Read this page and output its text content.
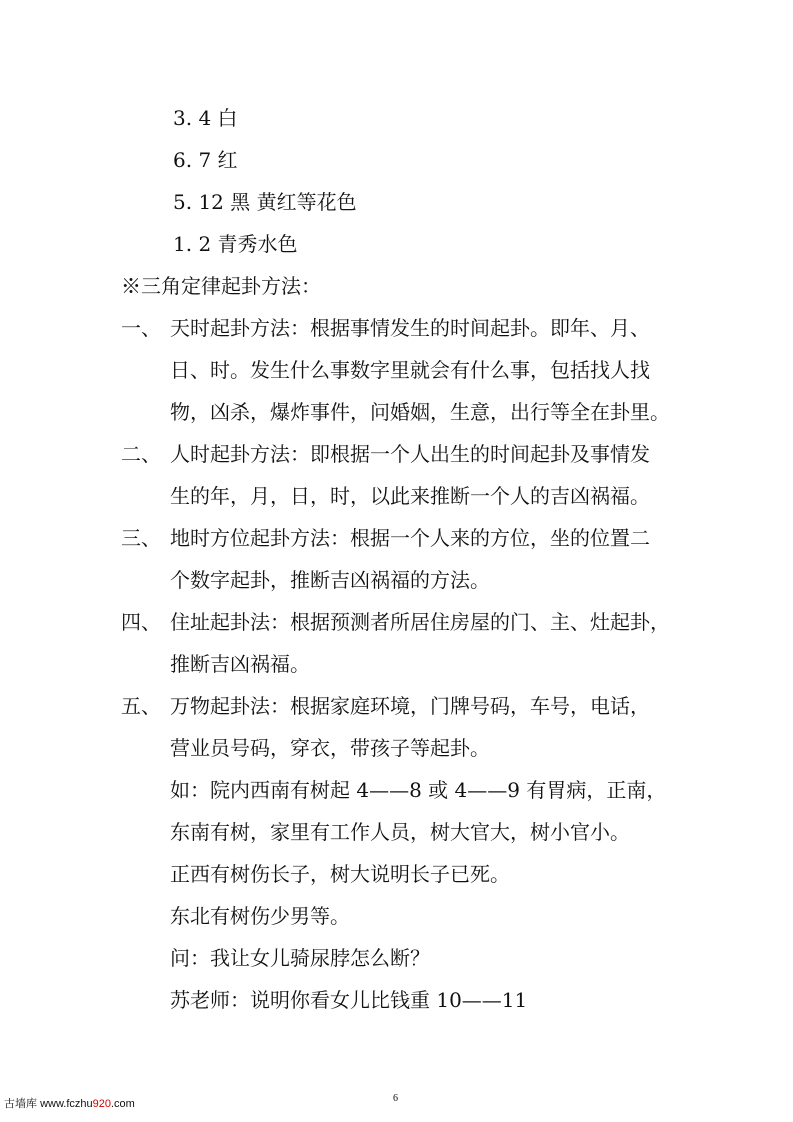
3. 4 白
6. 7 红
5. 12 黑 黄红等花色
1. 2 青秀水色
※三角定律起卦方法：
一、 天时起卦方法：根据事情发生的时间起卦。即年、月、
日、时。发生什么事数字里就会有什么事，包括找人找
物，凶杀，爆炸事件，问婚姻，生意，出行等全在卦里。
二、 人时起卦方法：即根据一个人出生的时间起卦及事情发
生的年，月，日，时，以此来推断一个人的吉凶祸福。
三、 地时方位起卦方法：根据一个人来的方位，坐的位置二
个数字起卦，推断吉凶祸福的方法。
四、 住址起卦法：根据预测者所居住房屋的门、主、灶起卦，
推断吉凶祸福。
五、 万物起卦法：根据家庭环境，门牌号码，车号，电话，
营业员号码，穿衣，带孩子等起卦。
如：院内西南有树起 4——8 或 4——9 有胃病，正南，
东南有树，家里有工作人员，树大官大，树小官小。
正西有树伤长子，树大说明长子已死。
东北有树伤少男等。
问：我让女儿骑尿脖怎么断？
苏老师：说明你看女儿比钱重 10——11
古墙库 www.fczhu920.com	6
